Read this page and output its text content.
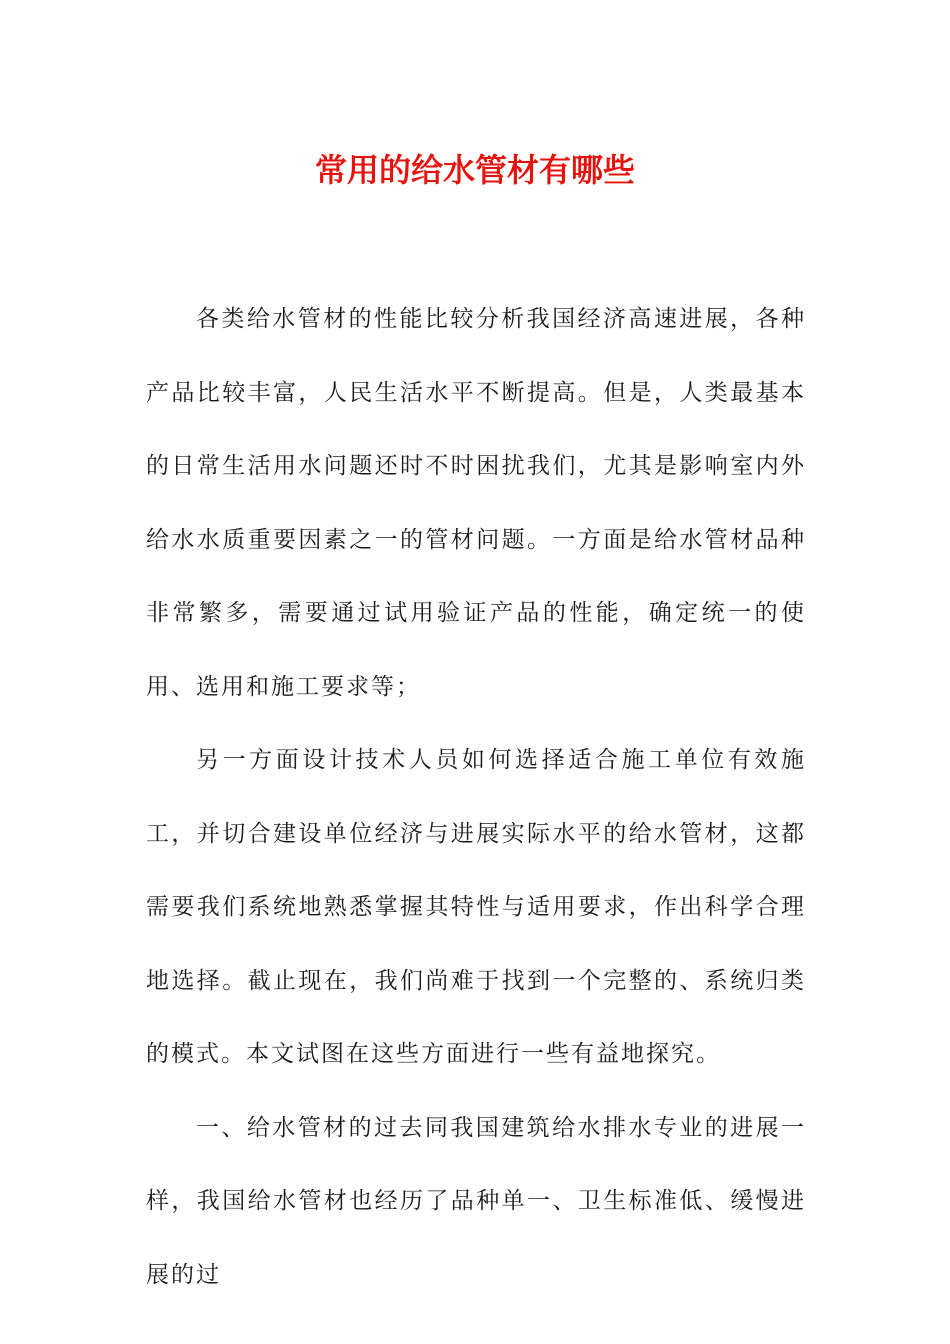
常用的给水管材有哪些

各类给水管材的性能比较分析我国经济高速进展，各种产品比较丰富，人民生活水平不断提高。但是，人类最基本的日常生活用水问题还时不时困扰我们，尤其是影响室内外给水水质重要因素之一的管材问题。一方面是给水管材品种非常繁多，需要通过试用验证产品的性能，确定统一的使用、选用和施工要求等；

另一方面设计技术人员如何选择适合施工单位有效施工，并切合建设单位经济与进展实际水平的给水管材，这都需要我们系统地熟悉掌握其特性与适用要求，作出科学合理地选择。截止现在，我们尚难于找到一个完整的、系统归类的模式。本文试图在这些方面进行一些有益地探究。

一、给水管材的过去同我国建筑给水排水专业的进展一样，我国给水管材也经历了品种单一、卫生标准低、缓慢进展的过
